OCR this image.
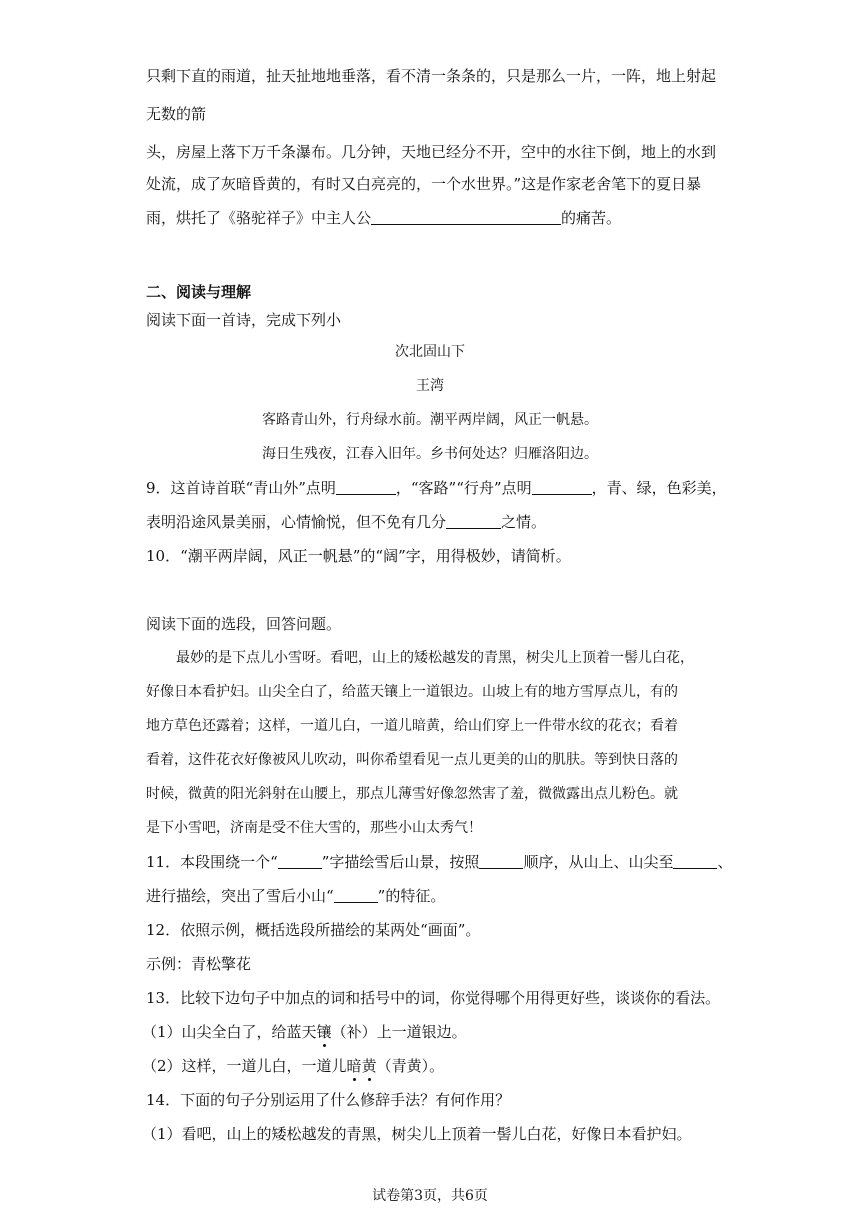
只剩下直的雨道，扯天扯地地垂落，看不清一条条的，只是那么一片，一阵，地上射起
无数的箭
头，房屋上落下万千条瀑布。几分钟，天地已经分不开，空中的水往下倒，地上的水到
处流，成了灰暗昏黄的，有时又白亮亮的，一个水世界。”这是作家老舍笔下的夏日暴
雨，烘托了《骆驼祥子》中主人公	的痛苦。
二、阅读与理解
阅读下面一首诗，完成下列小
次北固山下
王湾
客路青山外，行舟绿水前。潮平两岸阔，风正一帆悬。
海日生残夜，江春入旧年。乡书何处达？归雁洛阳边。
9．这首诗首联“青山外”点明	，“客路”“行舟”点明	，青、绿，色彩美，
表明沿途风景美丽，心情愉悦，但不免有几分	之情。
10．“潮平两岸阔，风正一帆悬”的“阔”字，用得极妙，请简析。
阅读下面的选段，回答问题。
最妙的是下点儿小雪呀。看吧，山上的矮松越发的青黑，树尖儿上顶着一髻儿白花，
好像日本看护妇。山尖全白了，给蓝天镶上一道银边。山坡上有的地方雪厚点儿，有的
地方草色还露着；这样，一道儿白，一道儿暗黄，给山们穿上一件带水纹的花衣；看着
看着，这件花衣好像被风儿吹动，叫你希望看见一点儿更美的山的肌肤。等到快日落的
时候，微黄的阳光斜射在山腰上，那点儿薄雪好像忽然害了羞，微微露出点儿粉色。就
是下小雪吧，济南是受不住大雪的，那些小山太秀气！
11．本段围绕一个“	”字描绘雪后山景，按照	顺序，从山上、山尖至	、
进行描绘，突出了雪后小山“	”的特征。
12．依照示例，概括选段所描绘的某两处“画面”。
示例：青松擎花
13．比较下边句子中加点的词和括号中的词，你觉得哪个用得更好些，谈谈你的看法。
（1）山尖全白了，给蓝天镶（补）上一道银边。
（2）这样，一道儿白，一道儿暗黄（青黄）。
14．下面的句子分别运用了什么修辞手法？有何作用？
（1）看吧，山上的矮松越发的青黑，树尖儿上顶着一髻儿白花，好像日本看护妇。
试卷第3页，共6页
